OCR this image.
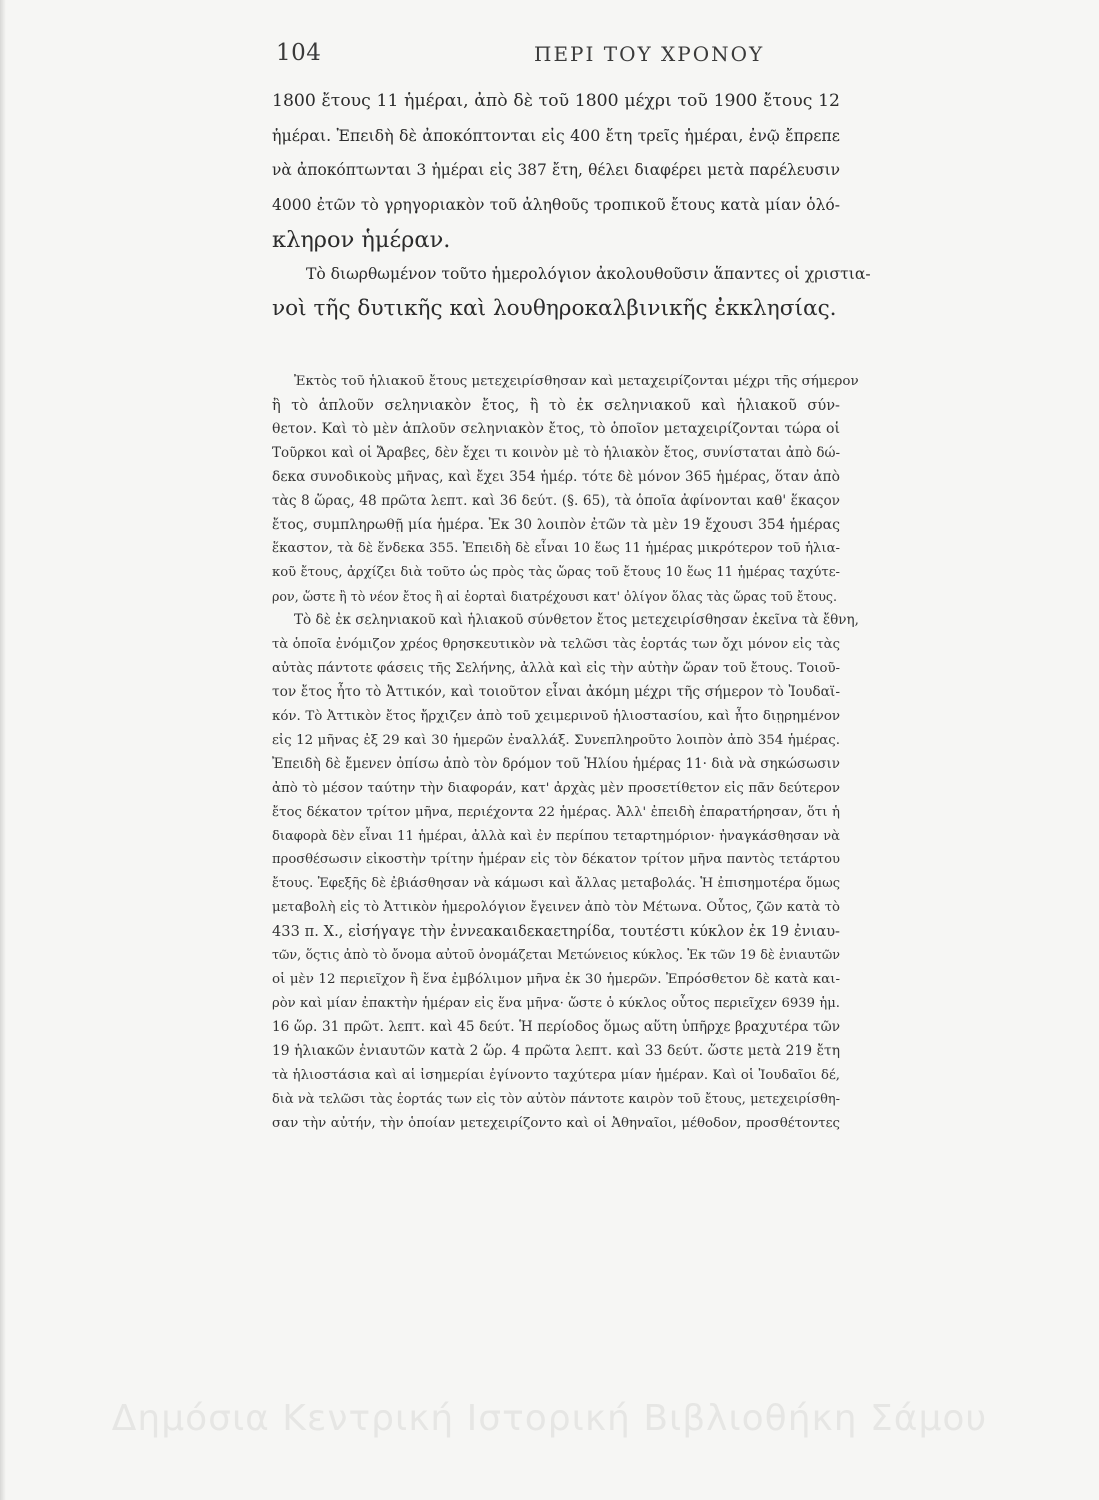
104	ΠΕΡΙ ΤΟΥ ΧΡΟΝΟΥ
1800 ἔτους 11 ἡμέραι, ἀπὸ δὲ τοῦ 1800 μέχρι τοῦ 1900 ἔτους 12
ἡμέραι. Ἐπειδὴ δὲ ἀποκόπτονται εἰς 400 ἔτη τρεῖς ἡμέραι, ἐνῷ ἔπρεπε
νὰ ἀποκόπτωνται 3 ἡμέραι εἰς 387 ἔτη, θέλει διαφέρει μετὰ παρέλευσιν
4000 ἐτῶν τὸ γρηγοριακὸν τοῦ ἀληθοῦς τροπικοῦ ἔτους κατὰ μίαν ὁλό-
κληρον ἡμέραν.
Τὸ διωρθωμένον τοῦτο ἡμερολόγιον ἀκολουθοῦσιν ἅπαντες οἱ χριστια-
νοὶ τῆς δυτικῆς καὶ λουθηροκαλβινικῆς ἐκκλησίας.
Ἐκτὸς τοῦ ἡλιακοῦ ἔτους μετεχειρίσθησαν καὶ μεταχειρίζονται μέχρι τῆς σήμερον
ἢ τὸ ἁπλοῦν σεληνιακὸν ἔτος, ἢ τὸ ἐκ σεληνιακοῦ καὶ ἡλιακοῦ σύν-
θετον. Καὶ τὸ μὲν ἁπλοῦν σεληνιακὸν ἔτος, τὸ ὁποῖον μεταχειρίζονται τώρα οἱ
Τοῦρκοι καὶ οἱ Ἄραβες, δὲν ἔχει τι κοινὸν μὲ τὸ ἡλιακὸν ἔτος, συνίσταται ἀπὸ δώ-
δεκα συνοδικοὺς μῆνας, καὶ ἔχει 354 ἡμέρ. τότε δὲ μόνον 365 ἡμέρας, ὅταν ἀπὸ
τὰς 8 ὥρας, 48 πρῶτα λεπτ. καὶ 36 δεύτ. (§. 65), τὰ ὁποῖα ἀφίνονται καθ' ἕκαςον
ἔτος, συμπληρωθῇ μία ἡμέρα. Ἐκ 30 λοιπὸν ἐτῶν τὰ μὲν 19 ἔχουσι 354 ἡμέρας
ἕκαστον, τὰ δὲ ἕνδεκα 355. Ἐπειδὴ δὲ εἶναι 10 ἕως 11 ἡμέρας μικρότερον τοῦ ἡλια-
κοῦ ἔτους, ἀρχίζει διὰ τοῦτο ὡς πρὸς τὰς ὥρας τοῦ ἔτους 10 ἕως 11 ἡμέρας ταχύτε-
ρον, ὥστε ἢ τὸ νέον ἔτος ἢ αἱ ἑορταὶ διατρέχουσι κατ' ὀλίγον ὅλας τὰς ὥρας τοῦ ἔτους.
Τὸ δὲ ἐκ σεληνιακοῦ καὶ ἡλιακοῦ σύνθετον ἔτος μετεχειρίσθησαν ἐκεῖνα τὰ ἔθνη,
τὰ ὁποῖα ἐνόμιζον χρέος θρησκευτικὸν νὰ τελῶσι τὰς ἑορτάς των ὄχι μόνον εἰς τὰς
αὐτὰς πάντοτε φάσεις τῆς Σελήνης, ἀλλὰ καὶ εἰς τὴν αὐτὴν ὥραν τοῦ ἔτους. Τοιοῦ-
τον ἔτος ἦτο τὸ Ἀττικόν, καὶ τοιοῦτον εἶναι ἀκόμη μέχρι τῆς σήμερον τὸ Ἰουδαϊ-
κόν. Τὸ Ἀττικὸν ἔτος ἤρχιζεν ἀπὸ τοῦ χειμερινοῦ ἡλιοστασίου, καὶ ἦτο διῃρημένον
εἰς 12 μῆνας ἐξ 29 καὶ 30 ἡμερῶν ἐναλλάξ. Συνεπληροῦτο λοιπὸν ἀπὸ 354 ἡμέρας.
Ἐπειδὴ δὲ ἔμενεν ὀπίσω ἀπὸ τὸν δρόμον τοῦ Ἡλίου ἡμέρας 11· διὰ νὰ σηκώσωσιν
ἀπὸ τὸ μέσον ταύτην τὴν διαφοράν, κατ' ἀρχὰς μὲν προσετίθετον εἰς πᾶν δεύτερον
ἔτος δέκατον τρίτον μῆνα, περιέχοντα 22 ἡμέρας. Ἀλλ' ἐπειδὴ ἐπαρατήρησαν, ὅτι ἡ
διαφορὰ δὲν εἶναι 11 ἡμέραι, ἀλλὰ καὶ ἐν περίπου τεταρτημόριον· ἠναγκάσθησαν νὰ
προσθέσωσιν εἰκοστὴν τρίτην ἡμέραν εἰς τὸν δέκατον τρίτον μῆνα παντὸς τετάρτου
ἔτους. Ἐφεξῆς δὲ ἐβιάσθησαν νὰ κάμωσι καὶ ἄλλας μεταβολάς. Ἡ ἐπισημοτέρα ὅμως
μεταβολὴ εἰς τὸ Ἀττικὸν ἡμερολόγιον ἔγεινεν ἀπὸ τὸν Μέτωνα. Οὗτος, ζῶν κατὰ τὸ
433 π. Χ., εἰσήγαγε τὴν ἐννεακαιδεκαετηρίδα, τουτέστι κύκλον ἐκ 19 ἐνιαυ-
τῶν, ὅςτις ἀπὸ τὸ ὄνομα αὐτοῦ ὀνομάζεται Μετώνειος κύκλος. Ἐκ τῶν 19 δὲ ἐνιαυτῶν
οἱ μὲν 12 περιεῖχον ἢ ἕνα ἐμβόλιμον μῆνα ἐκ 30 ἡμερῶν. Ἐπρόσθετον δὲ κατὰ και-
ρὸν καὶ μίαν ἐπακτὴν ἡμέραν εἰς ἕνα μῆνα· ὥστε ὁ κύκλος οὗτος περιεῖχεν 6939 ἡμ.
16 ὥρ. 31 πρῶτ. λεπτ. καὶ 45 δεύτ. Ἡ περίοδος ὅμως αὕτη ὑπῆρχε βραχυτέρα τῶν
19 ἡλιακῶν ἐνιαυτῶν κατὰ 2 ὥρ. 4 πρῶτα λεπτ. καὶ 33 δεύτ. ὥστε μετὰ 219 ἔτη
τὰ ἡλιοστάσια καὶ αἱ ἰσημερίαι ἐγίνοντο ταχύτερα μίαν ἡμέραν. Καὶ οἱ Ἰουδαῖοι δέ,
διὰ νὰ τελῶσι τὰς ἑορτάς των εἰς τὸν αὐτὸν πάντοτε καιρὸν τοῦ ἔτους, μετεχειρίσθη-
σαν τὴν αὐτήν, τὴν ὁποίαν μετεχειρίζοντο καὶ οἱ Ἀθηναῖοι, μέθοδον, προσθέτοντες
Δημόσια Κεντρική Ιστορική Βιβλιοθήκη Σάμου
